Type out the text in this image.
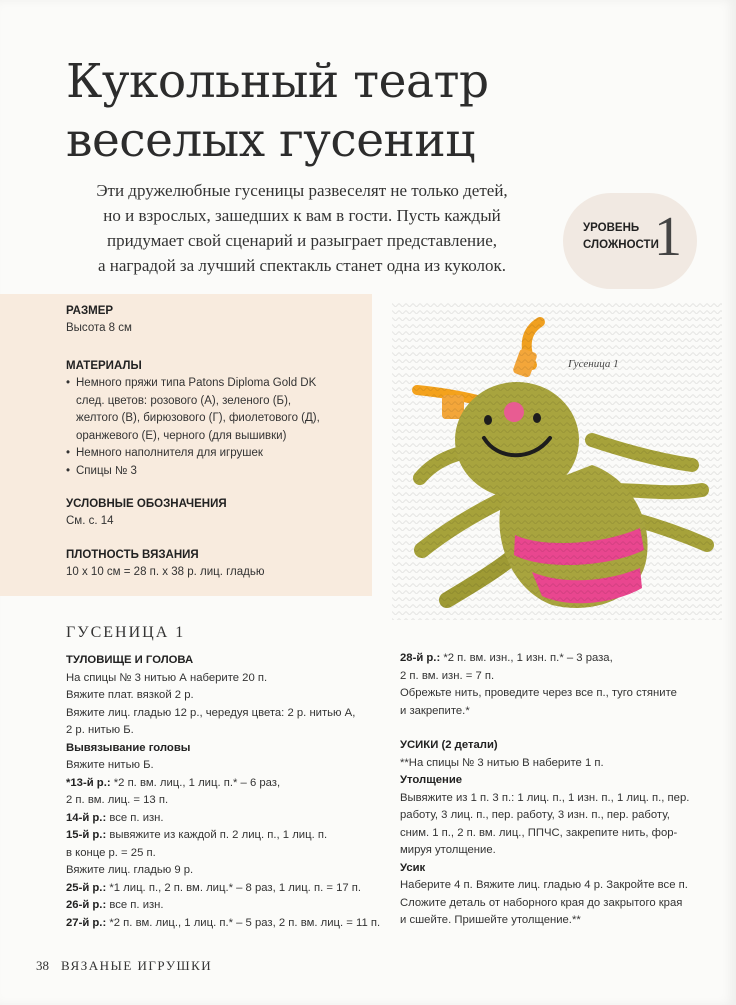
Кукольный театр
веселых гусениц
Эти дружелюбные гусеницы развеселят не только детей,
но и взрослых, зашедших к вам в гости. Пусть каждый
придумает свой сценарий и разыграет представление,
а наградой за лучший спектакль станет одна из куколок.
УРОВЕНЬ
СЛОЖНОСТИ
1
РАЗМЕР

Высота 8 см

МАТЕРИАЛЫ
• Немного пряжи типа Patons Diploma Gold DK
след. цветов: розового (А), зеленого (Б),
желтого (В), бирюзового (Г), фиолетового (Д),
оранжевого (Е), черного (для вышивки)
• Немного наполнителя для игрушек
• Спицы № 3
УСЛОВНЫЕ ОБОЗНАЧЕНИЯ

См. с. 14

ПЛОТНОСТЬ ВЯЗАНИЯ

10 х 10 см = 28 п. х 38 р. лиц. гладью

Гусеница 1
ГУСЕНИЦА 1
ТУЛОВИЩЕ И ГОЛОВА
На спицы № 3 нитью А наберите 20 п.
Вяжите плат. вязкой 2 р.
Вяжите лиц. гладью 12 р., чередуя цвета: 2 р. нитью А,
2 р. нитью Б.
Вывязывание головы
Вяжите нитью Б.
*13-й р.: *2 п. вм. лиц., 1 лиц. п.* – 6 раз,
2 п. вм. лиц. = 13 п.
14-й р.: все п. изн.
15-й р.: вывяжите из каждой п. 2 лиц. п., 1 лиц. п.
в конце р. = 25 п.
Вяжите лиц. гладью 9 р.
25-й р.: *1 лиц. п., 2 п. вм. лиц.* – 8 раз, 1 лиц. п. = 17 п.
26-й р.: все п. изн.
27-й р.: *2 п. вм. лиц., 1 лиц. п.* – 5 раз, 2 п. вм. лиц. = 11 п.
28-й р.: *2 п. вм. изн., 1 изн. п.* – 3 раза,
2 п. вм. изн. = 7 п.
Обрежьте нить, проведите через все п., туго стяните
и закрепите.*
УСИКИ (2 детали)
**На спицы № 3 нитью В наберите 1 п.
Утолщение
Вывяжите из 1 п. 3 п.: 1 лиц. п., 1 изн. п., 1 лиц. п., пер.
работу, 3 лиц. п., пер. работу, 3 изн. п., пер. работу,
сним. 1 п., 2 п. вм. лиц., ППЧС, закрепите нить, фор-
мируя утолщение.
Усик
Наберите 4 п. Вяжите лиц. гладью 4 р. Закройте все п.
Сложите деталь от наборного края до закрытого края
и сшейте. Пришейте утолщение.**
38 ВЯЗАНЫЕ ИГРУШКИ
